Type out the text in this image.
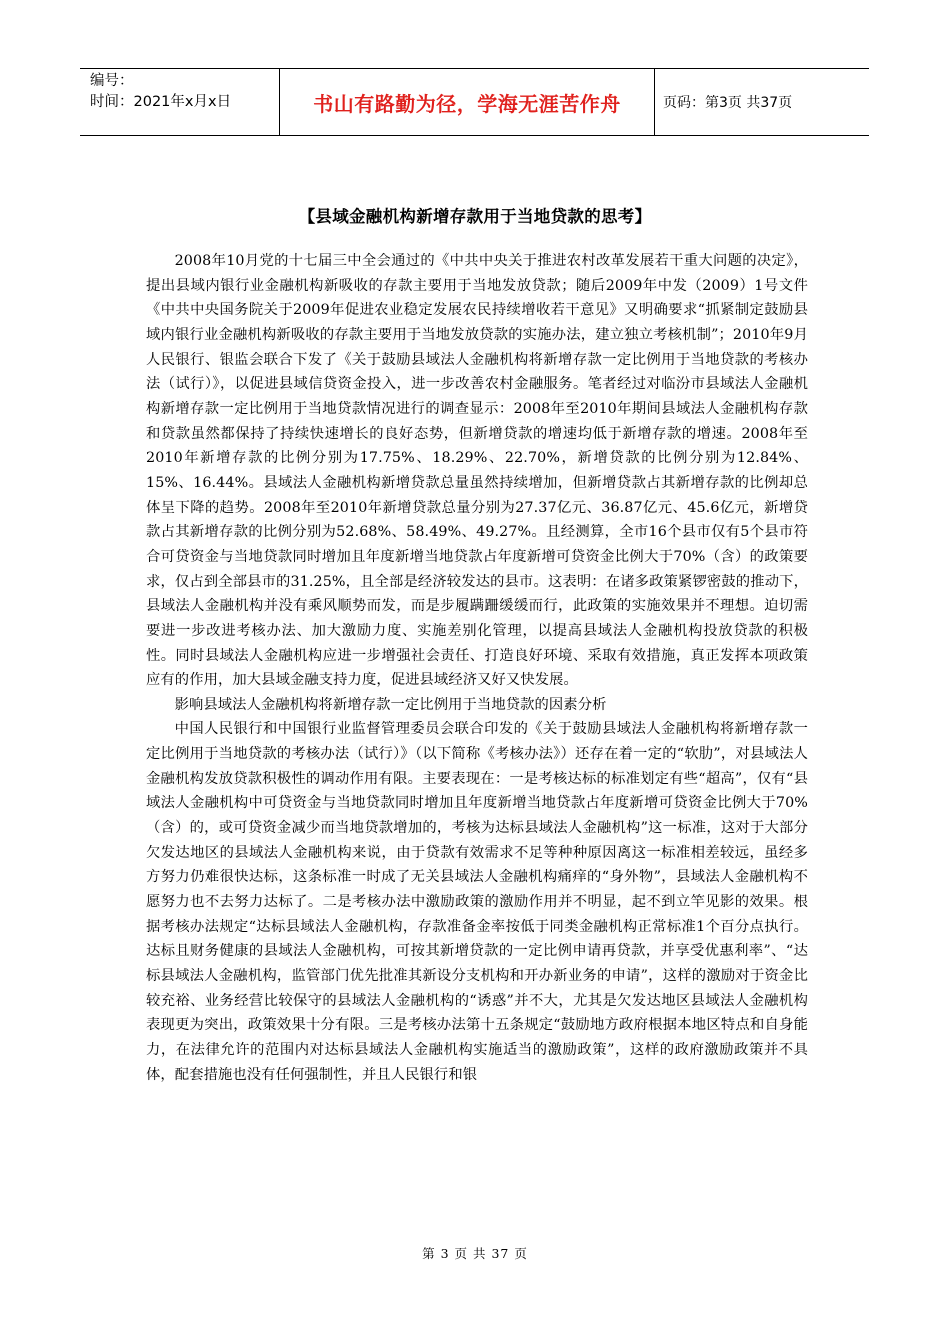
编号：
时间：2021年x月x日	书山有路勤为径，学海无涯苦作舟	页码：第3页 共37页
【县域金融机构新增存款用于当地贷款的思考】

2008年10月党的十七届三中全会通过的《中共中央关于推进农村改革发展若干重大问题的决定》，提出县域内银行业金融机构新吸收的存款主要用于当地发放贷款；随后2009年中发（2009）1号文件《中共中央国务院关于2009年促进农业稳定发展农民持续增收若干意见》又明确要求“抓紧制定鼓励县域内银行业金融机构新吸收的存款主要用于当地发放贷款的实施办法，建立独立考核机制”；2010年9月人民银行、银监会联合下发了《关于鼓励县域法人金融机构将新增存款一定比例用于当地贷款的考核办法（试行）》，以促进县域信贷资金投入，进一步改善农村金融服务。笔者经过对临汾市县域法人金融机构新增存款一定比例用于当地贷款情况进行的调查显示：2008年至2010年期间县域法人金融机构存款和贷款虽然都保持了持续快速增长的良好态势，但新增贷款的增速均低于新增存款的增速。2008年至2010年新增存款的比例分别为17.75%、18.29%、22.70%，新增贷款的比例分别为12.84%、15%、16.44%。县域法人金融机构新增贷款总量虽然持续增加，但新增贷款占其新增存款的比例却总体呈下降的趋势。2008年至2010年新增贷款总量分别为27.37亿元、36.87亿元、45.6亿元，新增贷款占其新增存款的比例分别为52.68%、58.49%、49.27%。且经测算，全市16个县市仅有5个县市符合可贷资金与当地贷款同时增加且年度新增当地贷款占年度新增可贷资金比例大于70%（含）的政策要求，仅占到全部县市的31.25%，且全部是经济较发达的县市。这表明：在诸多政策紧锣密鼓的推动下，县域法人金融机构并没有乘风顺势而发，而是步履蹒跚缓缓而行，此政策的实施效果并不理想。迫切需要进一步改进考核办法、加大激励力度、实施差别化管理，以提高县域法人金融机构投放贷款的积极性。同时县域法人金融机构应进一步增强社会责任、打造良好环境、采取有效措施，真正发挥本项政策应有的作用，加大县域金融支持力度，促进县域经济又好又快发展。

影响县域法人金融机构将新增存款一定比例用于当地贷款的因素分析

中国人民银行和中国银行业监督管理委员会联合印发的《关于鼓励县域法人金融机构将新增存款一定比例用于当地贷款的考核办法（试行）》（以下简称《考核办法》）还存在着一定的“软肋”，对县域法人金融机构发放贷款积极性的调动作用有限。主要表现在：一是考核达标的标准划定有些“超高”，仅有“县域法人金融机构中可贷资金与当地贷款同时增加且年度新增当地贷款占年度新增可贷资金比例大于70%（含）的，或可贷资金减少而当地贷款增加的，考核为达标县域法人金融机构”这一标准，这对于大部分欠发达地区的县域法人金融机构来说，由于贷款有效需求不足等种种原因离这一标准相差较远，虽经多方努力仍难很快达标，这条标准一时成了无关县域法人金融机构痛痒的“身外物”，县域法人金融机构不愿努力也不去努力达标了。二是考核办法中激励政策的激励作用并不明显，起不到立竿见影的效果。根据考核办法规定“达标县域法人金融机构，存款准备金率按低于同类金融机构正常标准1个百分点执行。达标且财务健康的县域法人金融机构，可按其新增贷款的一定比例申请再贷款，并享受优惠利率”、“达标县域法人金融机构，监管部门优先批准其新设分支机构和开办新业务的申请”，这样的激励对于资金比较充裕、业务经营比较保守的县域法人金融机构的“诱惑”并不大，尤其是欠发达地区县域法人金融机构表现更为突出，政策效果十分有限。三是考核办法第十五条规定“鼓励地方政府根据本地区特点和自身能力，在法律允许的范围内对达标县域法人金融机构实施适当的激励政策”，这样的政府激励政策并不具体，配套措施也没有任何强制性，并且人民银行和银

第 3 页 共 37 页
